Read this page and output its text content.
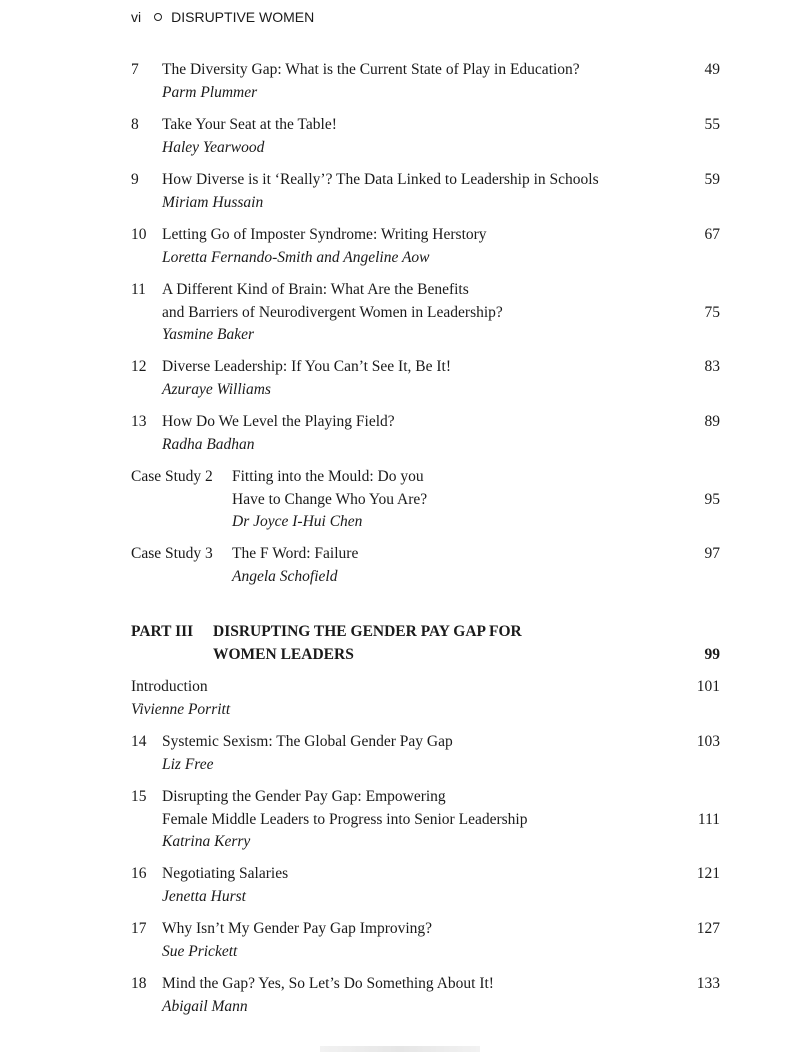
vi DISRUPTIVE WOMEN
7	The Diversity Gap: What is the Current State of Play in Education?	49
Parm Plummer
8	Take Your Seat at the Table!	55
Haley Yearwood
9	How Diverse is it ‘Really’? The Data Linked to Leadership in Schools	59
Miriam Hussain
10	Letting Go of Imposter Syndrome: Writing Herstory	67
Loretta Fernando-Smith and Angeline Aow
11	A Different Kind of Brain: What Are the Benefits
and Barriers of Neurodivergent Women in Leadership?	75
Yasmine Baker
12	Diverse Leadership: If You Can’t See It, Be It!	83
Azuraye Williams
13	How Do We Level the Playing Field?	89
Radha Badhan
Case Study 2 Fitting into the Mould: Do you
Have to Change Who You Are?	95
Dr Joyce I-Hui Chen
Case Study 3 The F Word: Failure	97
Angela Schofield
PART III DISRUPTING THE GENDER PAY GAP FOR
WOMEN LEADERS	99
Introduction	101
Vivienne Porritt
14	Systemic Sexism: The Global Gender Pay Gap	103
Liz Free
15	Disrupting the Gender Pay Gap: Empowering
Female Middle Leaders to Progress into Senior Leadership	111
Katrina Kerry
16	Negotiating Salaries	121
Jenetta Hurst
17	Why Isn’t My Gender Pay Gap Improving?	127
Sue Prickett
18	Mind the Gap? Yes, So Let’s Do Something About It!	133
Abigail Mann
